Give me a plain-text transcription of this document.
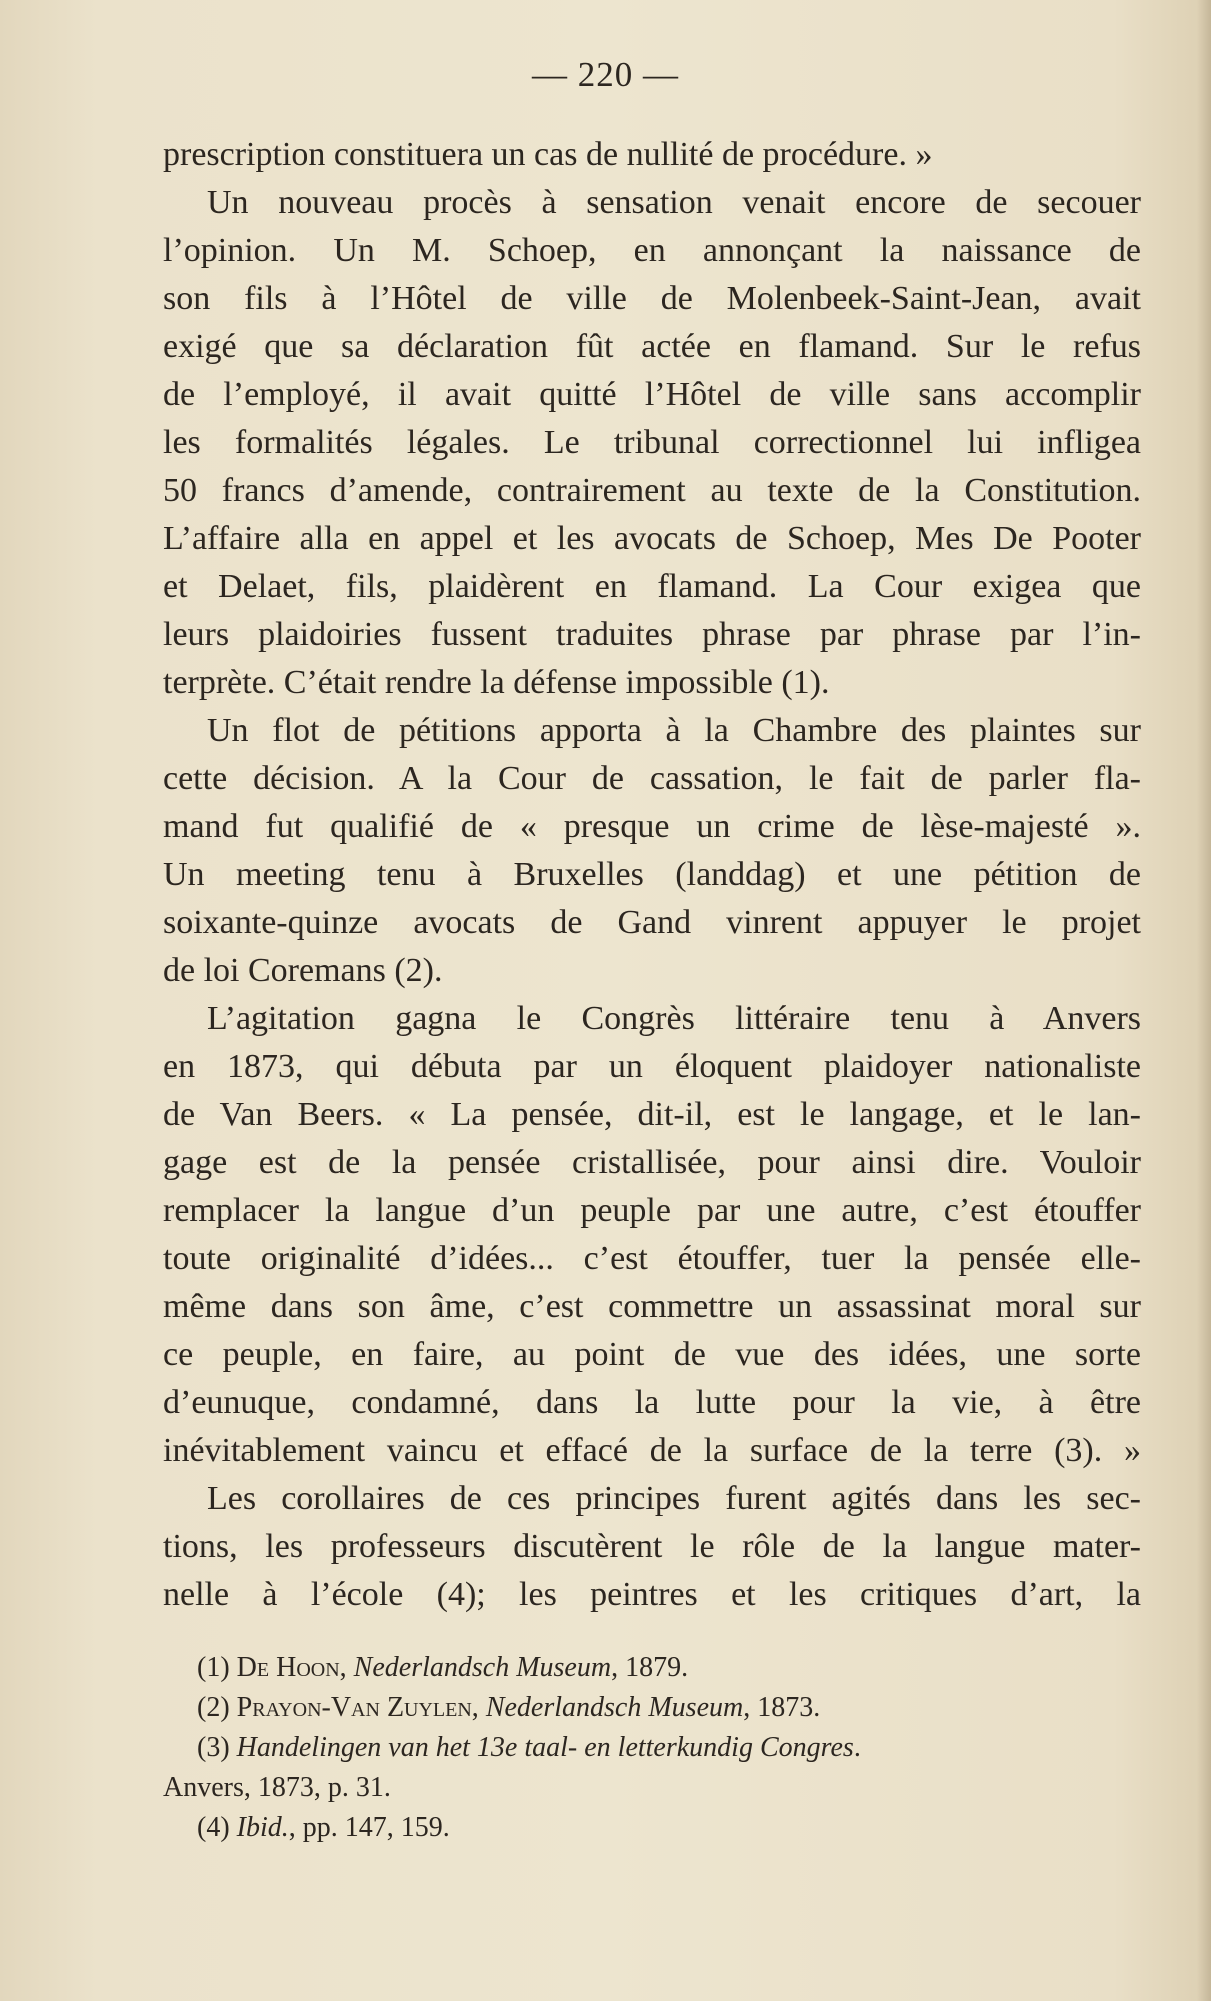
— 220 —
prescription constituera un cas de nullité de procédure. »
Un nouveau procès à sensation venait encore de secouer
l’opinion. Un M. Schoep, en annonçant la naissance de
son fils à l’Hôtel de ville de Molenbeek-Saint-Jean, avait
exigé que sa déclaration fût actée en flamand. Sur le refus
de l’employé, il avait quitté l’Hôtel de ville sans accomplir
les formalités légales. Le tribunal correctionnel lui infligea
50 francs d’amende, contrairement au texte de la Constitution.
L’affaire alla en appel et les avocats de Schoep, Mes De Pooter
et Delaet, fils, plaidèrent en flamand. La Cour exigea que
leurs plaidoiries fussent traduites phrase par phrase par l’in-
terprète. C’était rendre la défense impossible (1).
Un flot de pétitions apporta à la Chambre des plaintes sur
cette décision. A la Cour de cassation, le fait de parler fla-
mand fut qualifié de « presque un crime de lèse-majesté ».
Un meeting tenu à Bruxelles (landdag) et une pétition de
soixante-quinze avocats de Gand vinrent appuyer le projet
de loi Coremans (2).
L’agitation gagna le Congrès littéraire tenu à Anvers
en 1873, qui débuta par un éloquent plaidoyer nationaliste
de Van Beers. « La pensée, dit-il, est le langage, et le lan-
gage est de la pensée cristallisée, pour ainsi dire. Vouloir
remplacer la langue d’un peuple par une autre, c’est étouffer
toute originalité d’idées... c’est étouffer, tuer la pensée elle-
même dans son âme, c’est commettre un assassinat moral sur
ce peuple, en faire, au point de vue des idées, une sorte
d’eunuque, condamné, dans la lutte pour la vie, à être
inévitablement vaincu et effacé de la surface de la terre (3). »
Les corollaires de ces principes furent agités dans les sec-
tions, les professeurs discutèrent le rôle de la langue mater-
nelle à l’école (4); les peintres et les critiques d’art, la
(1) De Hoon, Nederlandsch Museum, 1879.
(2) Prayon-Van Zuylen, Nederlandsch Museum, 1873.
(3) Handelingen van het 13e taal- en letterkundig Congres.
Anvers, 1873, p. 31.
(4) Ibid., pp. 147, 159.
